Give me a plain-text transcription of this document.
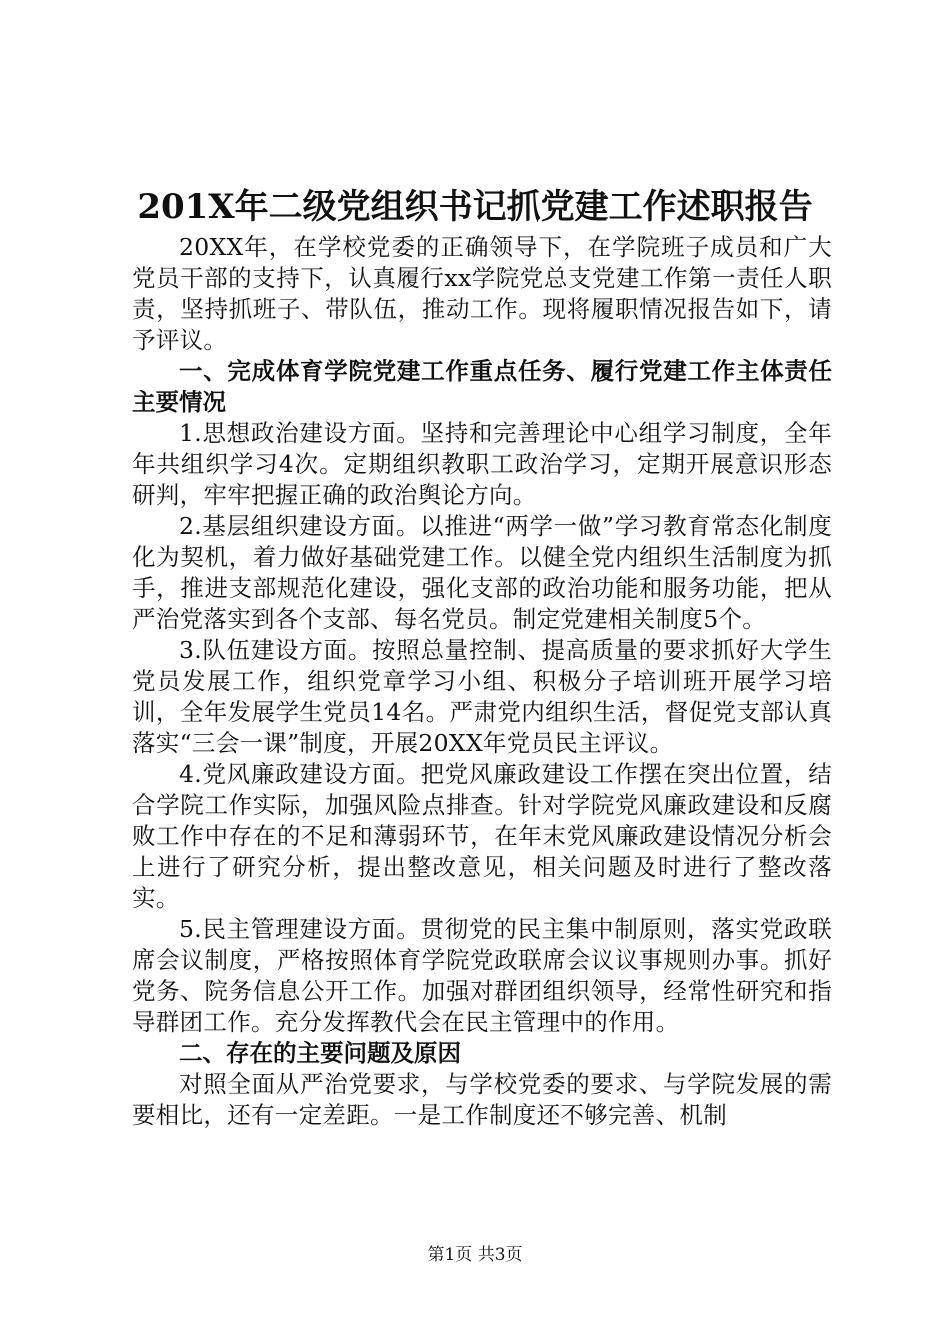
201X年二级党组织书记抓党建工作述职报告

20XX年，在学校党委的正确领导下，在学院班子成员和广大党员干部的支持下，认真履行xx学院党总支党建工作第一责任人职责，坚持抓班子、带队伍，推动工作。现将履职情况报告如下，请予评议。

一、完成体育学院党建工作重点任务、履行党建工作主体责任主要情况

1.思想政治建设方面。坚持和完善理论中心组学习制度，全年年共组织学习4次。定期组织教职工政治学习，定期开展意识形态研判，牢牢把握正确的政治舆论方向。

2.基层组织建设方面。以推进“两学一做”学习教育常态化制度化为契机，着力做好基础党建工作。以健全党内组织生活制度为抓手，推进支部规范化建设，强化支部的政治功能和服务功能，把从严治党落实到各个支部、每名党员。制定党建相关制度5个。

3.队伍建设方面。按照总量控制、提高质量的要求抓好大学生党员发展工作，组织党章学习小组、积极分子培训班开展学习培训，全年发展学生党员14名。严肃党内组织生活，督促党支部认真落实“三会一课”制度，开展20XX年党员民主评议。

4.党风廉政建设方面。把党风廉政建设工作摆在突出位置，结合学院工作实际，加强风险点排查。针对学院党风廉政建设和反腐败工作中存在的不足和薄弱环节，在年末党风廉政建设情况分析会上进行了研究分析，提出整改意见，相关问题及时进行了整改落实。

5.民主管理建设方面。贯彻党的民主集中制原则，落实党政联席会议制度，严格按照体育学院党政联席会议议事规则办事。抓好党务、院务信息公开工作。加强对群团组织领导，经常性研究和指导群团工作。充分发挥教代会在民主管理中的作用。

二、存在的主要问题及原因

对照全面从严治党要求，与学校党委的要求、与学院发展的需要相比，还有一定差距。一是工作制度还不够完善、机制

第1页 共3页
